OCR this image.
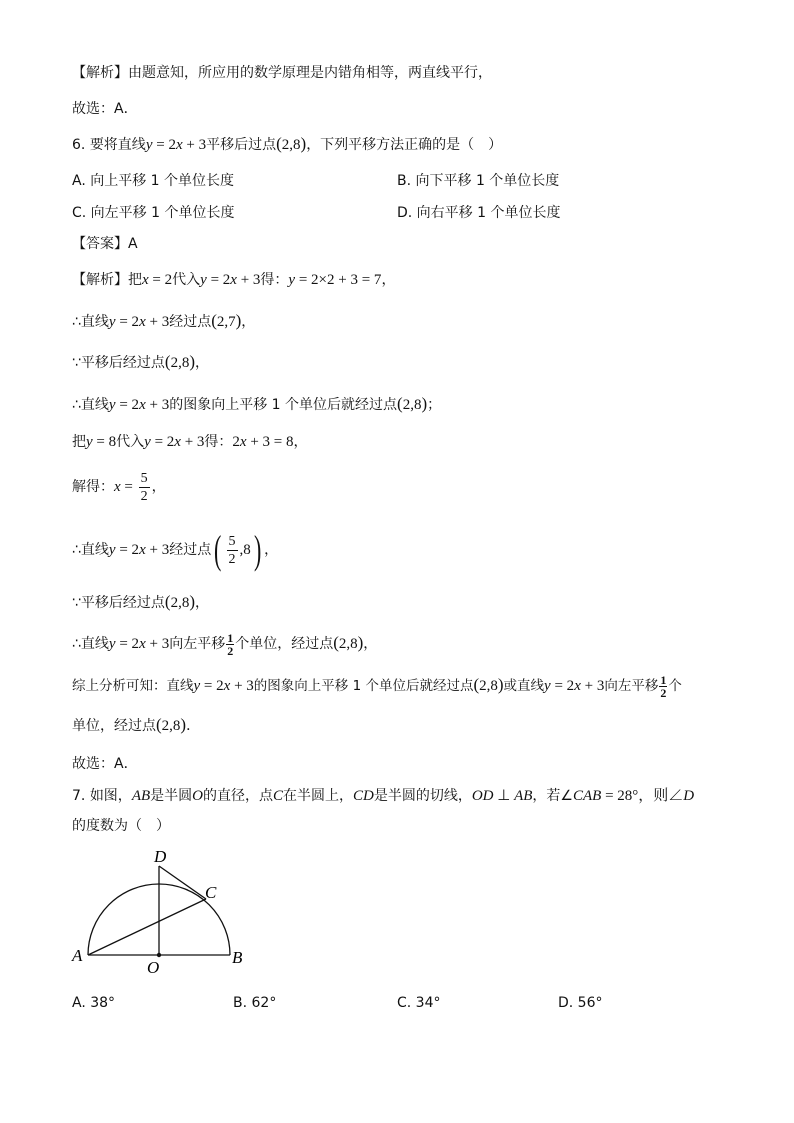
【解析】由题意知，所应用的数学原理是内错角相等，两直线平行，
故选：A．
6. 要将直线y = 2x + 3平移后过点(2,8)，下列平移方法正确的是（　）
A. 向上平移 1 个单位长度	B. 向下平移 1 个单位长度
C. 向左平移 1 个单位长度	D. 向右平移 1 个单位长度
【答案】A
【解析】把x = 2代入y = 2x + 3得：y = 2×2 + 3 = 7，
∴直线y = 2x + 3经过点(2,7)，
∵平移后经过点(2,8)，
∴直线y = 2x + 3的图象向上平移 1 个单位后就经过点(2,8)；
把y = 8代入y = 2x + 3得：2x + 3 = 8，
解得：$x = \frac{5}{2}$ ，
∴直线y = 2x + 3经过点( $\frac{5}{2} ,8$) ，
∵平移后经过点(2,8)，
∴直线y = 2x + 3向左平移 $\frac{1}{2}$ 个单位，经过点(2,8)，
综上分析可知：直线y = 2x + 3的图象向上平移 1 个单位后就经过点(2,8)或直线y = 2x + 3向左平移 $\frac{1}{2}$ 个
单位，经过点(2,8)．
故选：A．
7. 如图，AB是半圆O的直径，点C在半圆上，CD是半圆的切线，OD ⊥ AB，若∠CAB = 28°，则∠D
的度数为（　）
A	B
C
D
O
A. 38°	B. 62°	C. 34°	D. 56°
